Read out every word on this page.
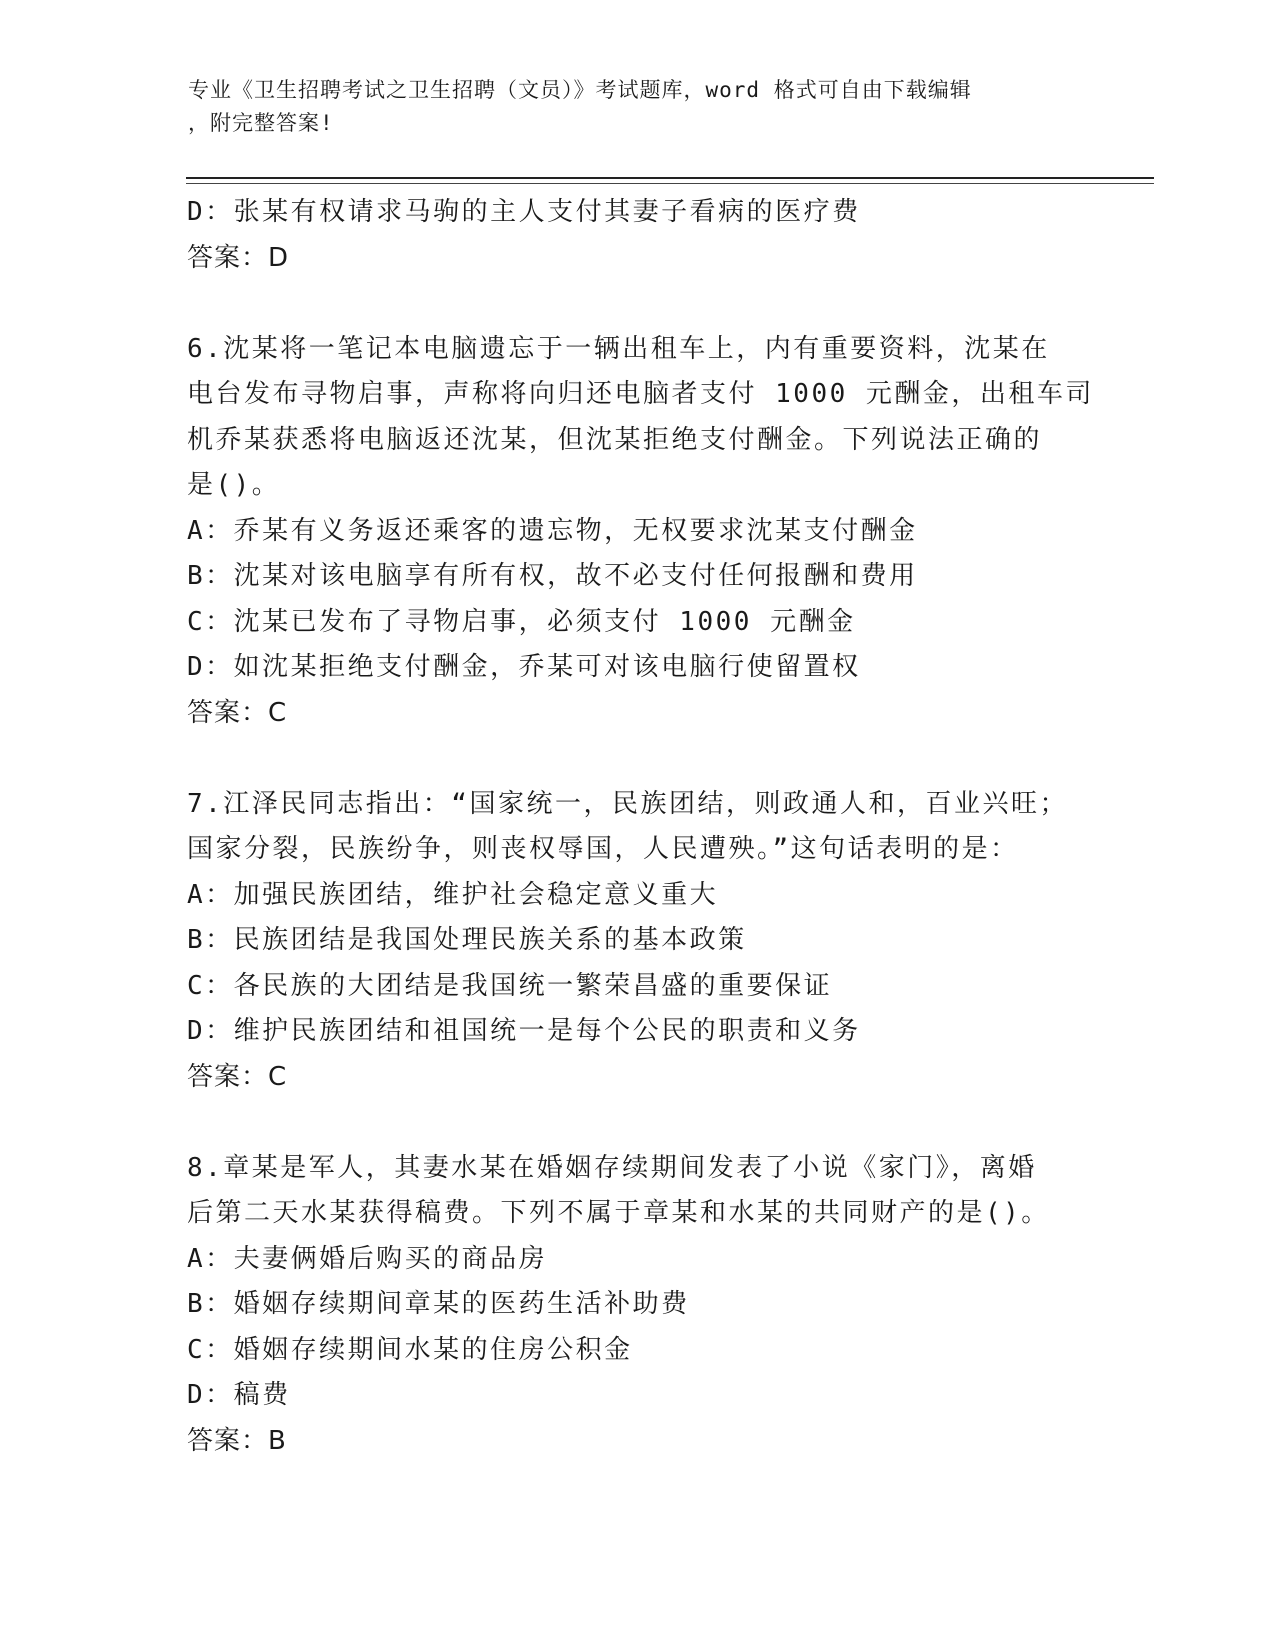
专业《卫生招聘考试之卫生招聘（文员）》考试题库，word 格式可自由下载编辑
，附完整答案!
D：张某有权请求马驹的主人支付其妻子看病的医疗费
答案：D
6.沈某将一笔记本电脑遗忘于一辆出租车上，内有重要资料，沈某在
电台发布寻物启事，声称将向归还电脑者支付 1000 元酬金，出租车司
机乔某获悉将电脑返还沈某，但沈某拒绝支付酬金。下列说法正确的
是()。
A：乔某有义务返还乘客的遗忘物，无权要求沈某支付酬金
B：沈某对该电脑享有所有权，故不必支付任何报酬和费用
C：沈某已发布了寻物启事，必须支付 1000 元酬金
D：如沈某拒绝支付酬金，乔某可对该电脑行使留置权
答案：C
7.江泽民同志指出：“国家统一，民族团结，则政通人和，百业兴旺；
国家分裂，民族纷争，则丧权辱国，人民遭殃。”这句话表明的是：
A：加强民族团结，维护社会稳定意义重大
B：民族团结是我国处理民族关系的基本政策
C：各民族的大团结是我国统一繁荣昌盛的重要保证
D：维护民族团结和祖国统一是每个公民的职责和义务
答案：C
8.章某是军人，其妻水某在婚姻存续期间发表了小说《家门》，离婚
后第二天水某获得稿费。下列不属于章某和水某的共同财产的是()。
A：夫妻俩婚后购买的商品房
B：婚姻存续期间章某的医药生活补助费
C：婚姻存续期间水某的住房公积金
D：稿费
答案：B
